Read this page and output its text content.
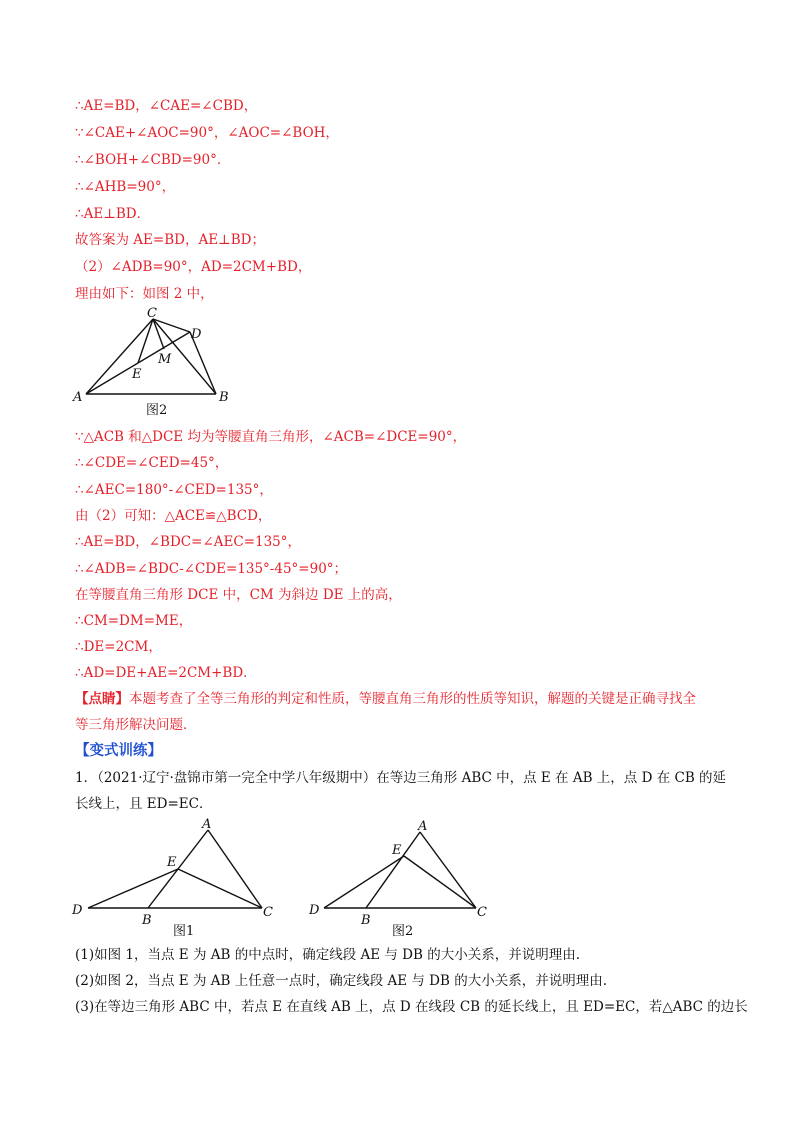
∴AE=BD，∠CAE=∠CBD，
∵∠CAE+∠AOC=90°，∠AOC=∠BOH，
∴∠BOH+∠CBD=90°．
∴∠AHB=90°，
∴AE⊥BD．
故答案为 AE=BD，AE⊥BD；
（2）∠ADB=90°，AD=2CM+BD，
理由如下：如图 2 中，
C
D
M
E
A	B
图2
∵△ACB 和△DCE 均为等腰直角三角形，∠ACB=∠DCE=90°，
∴∠CDE=∠CED=45°，
∴∠AEC=180°-∠CED=135°，
由（2）可知：△ACE≌△BCD，
∴AE=BD，∠BDC=∠AEC=135°，
∴∠ADB=∠BDC-∠CDE=135°-45°=90°；
在等腰直角三角形 DCE 中，CM 为斜边 DE 上的高，
∴CM=DM=ME，
∴DE=2CM，
∴AD=DE+AE=2CM+BD．
【点睛】本题考查了全等三角形的判定和性质，等腰直角三角形的性质等知识，解题的关键是正确寻找全
等三角形解决问题．
【变式训练】
1．（2021·辽宁·盘锦市第一完全中学八年级期中）在等边三角形 ABC 中，点 E 在 AB 上，点 D 在 CB 的延
长线上，且 ED=EC．
A
E
D
B
C
图1
A
E
D
B
C
图2
(1)如图 1，当点 E 为 AB 的中点时，确定线段 AE 与 DB 的大小关系，并说明理由.
(2)如图 2，当点 E 为 AB 上任意一点时，确定线段 AE 与 DB 的大小关系，并说明理由.
(3)在等边三角形 ABC 中，若点 E 在直线 AB 上，点 D 在线段 CB 的延长线上，且 ED=EC，若△ABC 的边长
